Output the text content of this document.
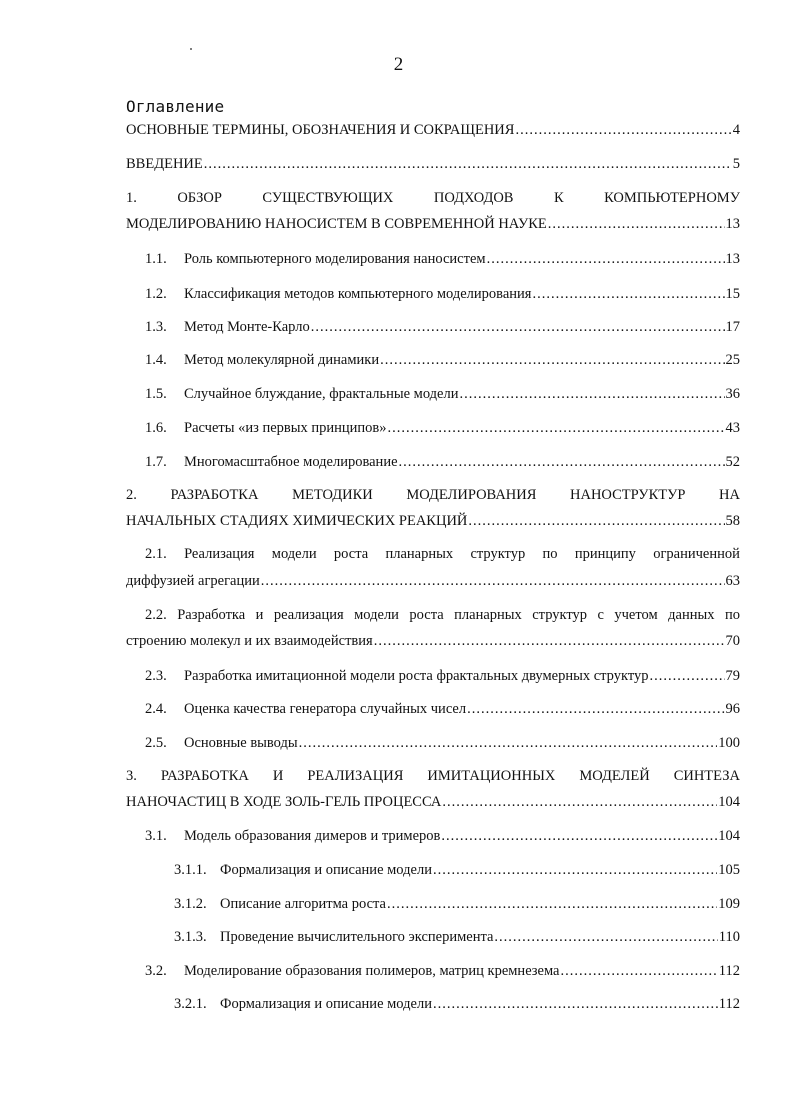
2
Оглавление
ОСНОВНЫЕ ТЕРМИНЫ, ОБОЗНАЧЕНИЯ И СОКРАЩЕНИЯ .....	4
ВВЕДЕНИЕ .....	5
1.	ОБЗОР	СУЩЕСТВУЮЩИХ	ПОДХОДОВ	К	КОМПЬЮТЕРНОМУ
МОДЕЛИРОВАНИЮ НАНОСИСТЕМ В СОВРЕМЕННОЙ НАУКЕ .....	13
1.1. Роль компьютерного моделирования наносистем .....	13
1.2. Классификация методов компьютерного моделирования .....	15
1.3. Метод Монте-Карло .....	17
1.4. Метод молекулярной динамики .....	25
1.5. Случайное блуждание, фрактальные модели .....	36
1.6. Расчеты «из первых принципов» .....	43
1.7. Многомасштабное моделирование .....	52
2. РАЗРАБОТКА МЕТОДИКИ МОДЕЛИРОВАНИЯ НАНОСТРУКТУР НА
НАЧАЛЬНЫХ СТАДИЯХ ХИМИЧЕСКИХ РЕАКЦИЙ .....	58
2.1. Реализация модели роста планарных структур по принципу ограниченной
диффузией агрегации .....	63
2.2. Разработка и реализация модели роста планарных структур с учетом данных по
строению молекул и их взаимодействия .....	70
2.3. Разработка имитационной модели роста фрактальных двумерных структур .....	79
2.4. Оценка качества генератора случайных чисел .....	96
2.5. Основные выводы .....	100
3. РАЗРАБОТКА И РЕАЛИЗАЦИЯ ИМИТАЦИОННЫХ МОДЕЛЕЙ СИНТЕЗА
НАНОЧАСТИЦ В ХОДЕ ЗОЛЬ-ГЕЛЬ ПРОЦЕССА .....	104
3.1. Модель образования димеров и тримеров .....	104
3.1.1. Формализация и описание модели .....	105
3.1.2. Описание алгоритма роста .....	109
3.1.3. Проведение вычислительного эксперимента .....	110
3.2. Моделирование образования полимеров, матриц кремнезема .....	112
3.2.1. Формализация и описание модели .....	112
